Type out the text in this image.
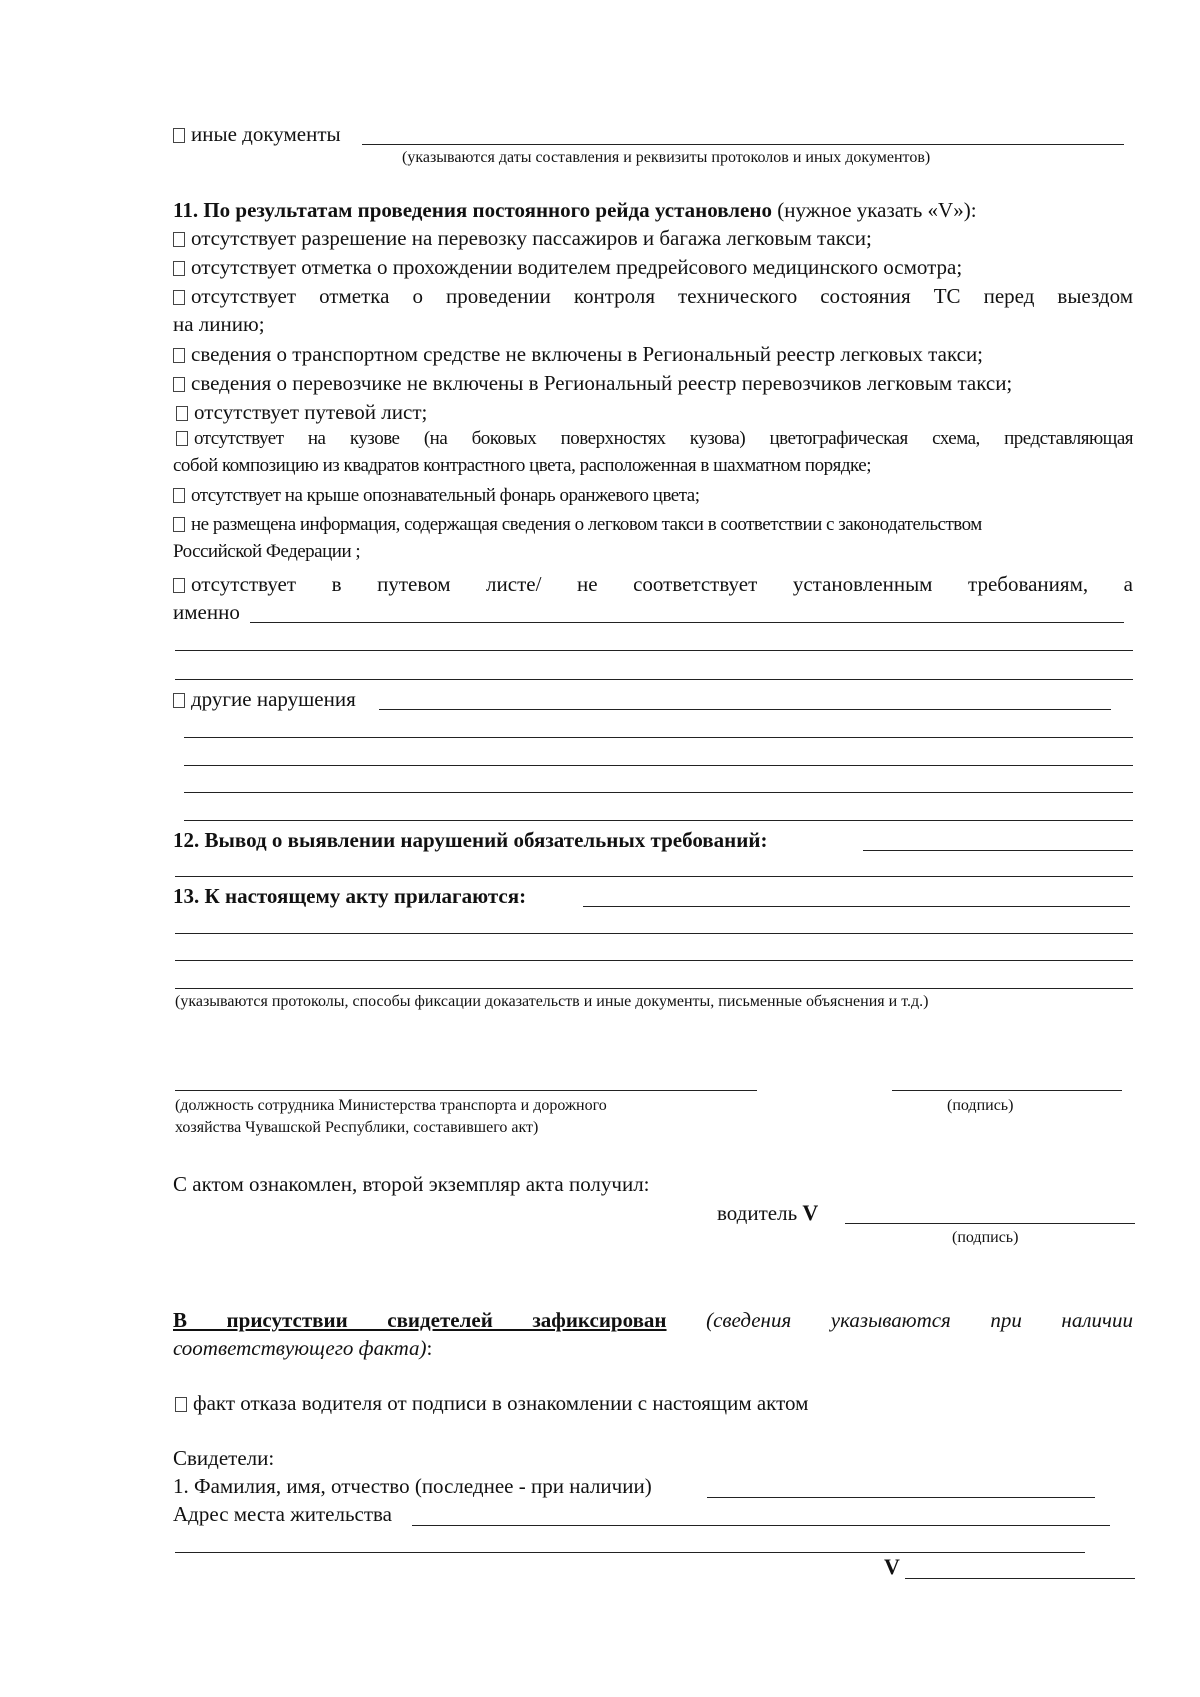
иные документы
(указываются даты составления и реквизиты протоколов и иных документов)
11. По результатам проведения постоянного рейда установлено (нужное указать «V»):
отсутствует разрешение на перевозку пассажиров и багажа легковым такси;
отсутствует отметка о прохождении водителем предрейсового медицинского осмотра;
отсутствует отметка о проведении контроля технического состояния ТС перед выездом
на линию;
сведения о транспортном средстве не включены в Региональный реестр легковых такси;
сведения о перевозчике не включены в Региональный реестр перевозчиков легковым такси;
отсутствует путевой лист;
отсутствует на кузове (на боковых поверхностях кузова) цветографическая схема, представляющая
собой композицию из квадратов контрастного цвета, расположенная в шахматном порядке;
отсутствует на крыше опознавательный фонарь оранжевого цвета;
не размещена информация, содержащая сведения о легковом такси в соответствии с законодательством
Российской Федерации ;
отсутствует в путевом листе/ не соответствует установленным требованиям, а
именно
другие нарушения
12. Вывод о выявлении нарушений обязательных требований:
13. К настоящему акту прилагаются:
(указываются протоколы, способы фиксации доказательств и иные документы, письменные объяснения и т.д.)
(должность сотрудника Министерства транспорта и дорожного
хозяйства Чувашской Республики, составившего акт)
(подпись)
С актом ознакомлен, второй экземпляр акта получил:
водитель V
(подпись)
В присутствии свидетелей зафиксирован (сведения указываются при наличии
соответствующего факта):
факт отказа водителя от подписи в ознакомлении с настоящим актом
Свидетели:
1. Фамилия, имя, отчество (последнее - при наличии)
Адрес места жительства
V
